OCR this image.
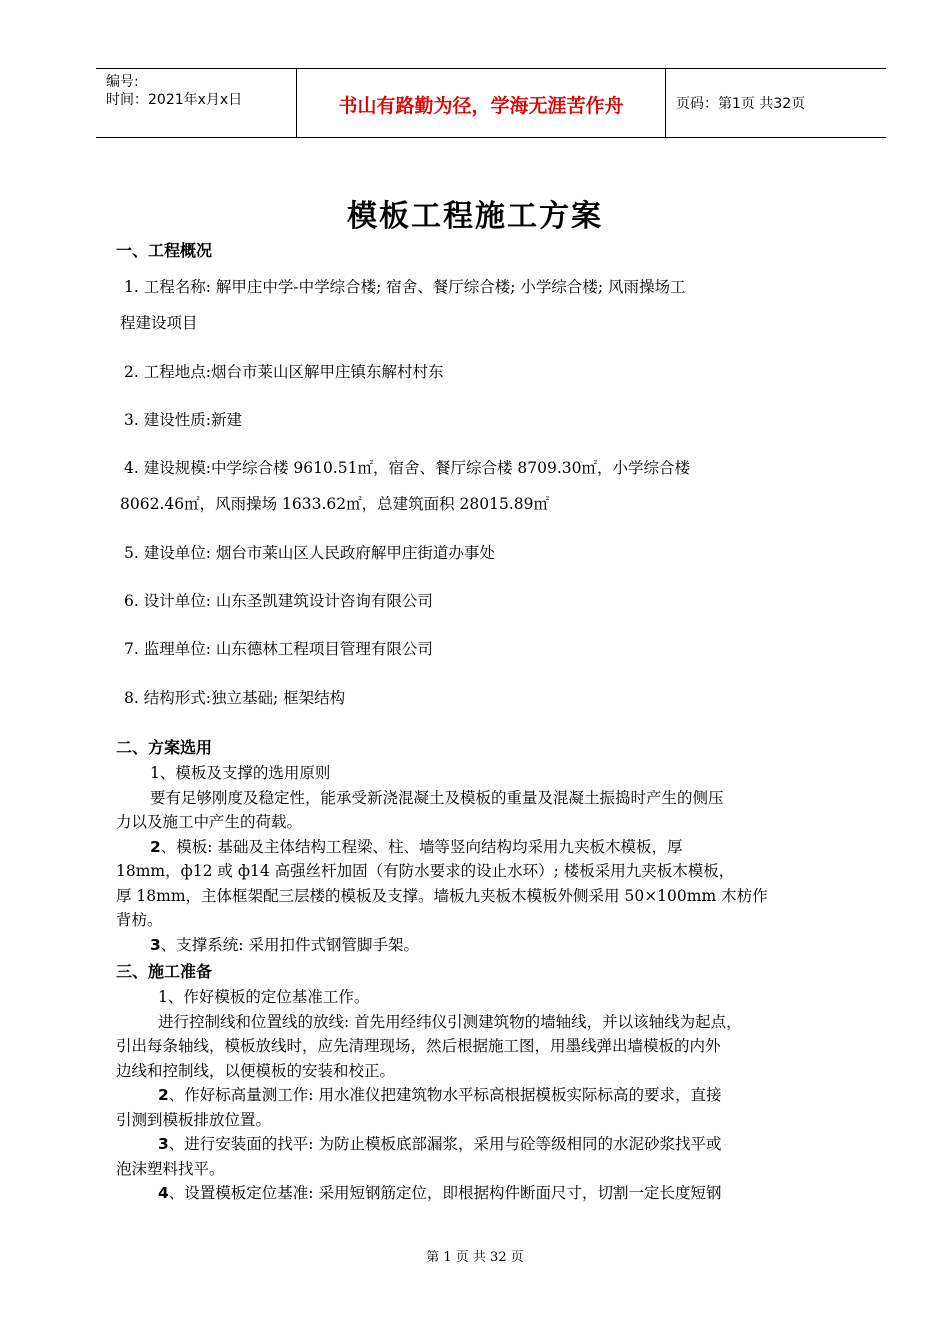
编号:
时间：2021年x月x日	书山有路勤为径，学海无涯苦作舟	页码：第1页 共32页
模板工程施工方案
一、工程概况
1. 工程名称: 解甲庄中学-中学综合楼; 宿舍、餐厅综合楼; 小学综合楼; 风雨操场工
程建设项目
2. 工程地点:烟台市莱山区解甲庄镇东解村村东
3. 建设性质:新建
4. 建设规模:中学综合楼 9610.51㎡，宿舍、餐厅综合楼 8709.30㎡，小学综合楼
8062.46㎡，风雨操场 1633.62㎡，总建筑面积 28015.89㎡
5. 建设单位: 烟台市莱山区人民政府解甲庄街道办事处
6. 设计单位: 山东圣凯建筑设计咨询有限公司
7. 监理单位: 山东德林工程项目管理有限公司
8. 结构形式:独立基础; 框架结构
二、方案选用
1、模板及支撑的选用原则
要有足够刚度及稳定性，能承受新浇混凝土及模板的重量及混凝土振捣时产生的侧压
力以及施工中产生的荷载。
2、模板: 基础及主体结构工程梁、柱、墙等竖向结构均采用九夹板木模板，厚
18mm，ф12 或 ф14 高强丝杆加固（有防水要求的设止水环）; 楼板采用九夹板木模板，
厚 18mm，主体框架配三层楼的模板及支撑。墙板九夹板木模板外侧采用 50×100mm 木枋作
背枋。
3、支撑系统: 采用扣件式钢管脚手架。
三、施工准备
1、作好模板的定位基准工作。
进行控制线和位置线的放线: 首先用经纬仪引测建筑物的墙轴线，并以该轴线为起点，
引出每条轴线，模板放线时，应先清理现场，然后根据施工图，用墨线弹出墙模板的内外
边线和控制线，以便模板的安装和校正。
2、作好标高量测工作: 用水准仪把建筑物水平标高根据模板实际标高的要求，直接
引测到模板排放位置。
3、进行安装面的找平: 为防止模板底部漏浆，采用与砼等级相同的水泥砂浆找平或
泡沫塑料找平。
4、设置模板定位基准: 采用短钢筋定位，即根据构件断面尺寸，切割一定长度短钢
第 1 页 共 32 页
